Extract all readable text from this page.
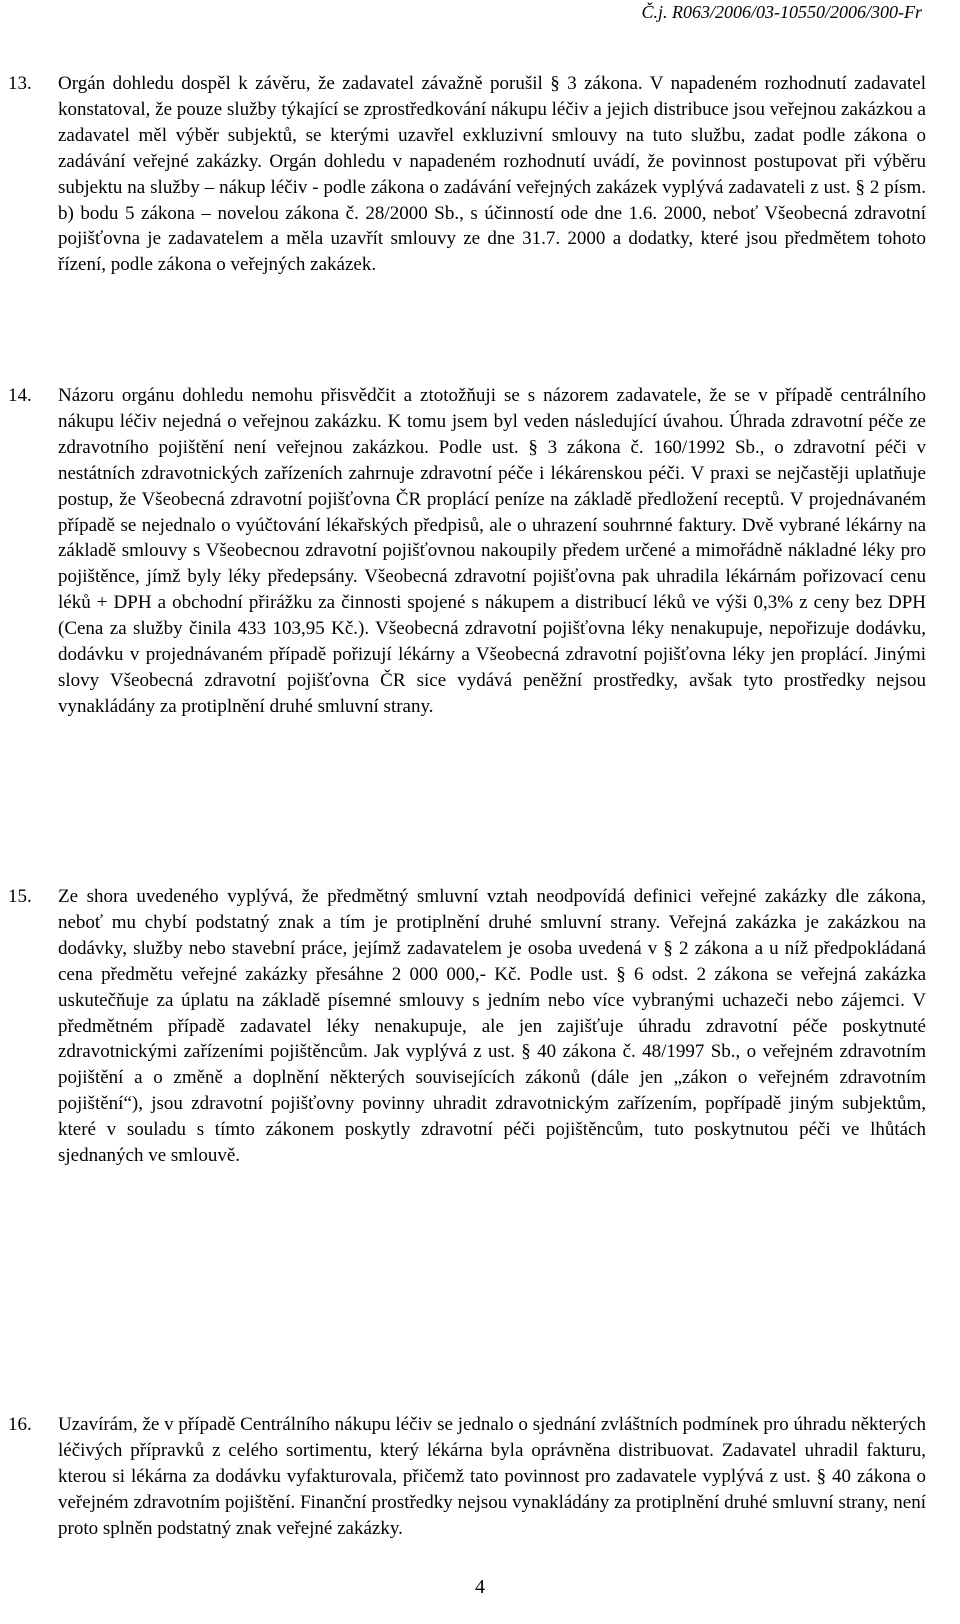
Č.j. R063/2006/03-10550/2006/300-Fr
13. Orgán dohledu dospěl k závěru, že zadavatel závažně porušil § 3 zákona. V napadeném rozhodnutí zadavatel konstatoval, že pouze služby týkající se zprostředkování nákupu léčiv a jejich distribuce jsou veřejnou zakázkou a zadavatel měl výběr subjektů, se kterými uzavřel exkluzivní smlouvy na tuto službu, zadat podle zákona o zadávání veřejné zakázky. Orgán dohledu v napadeném rozhodnutí uvádí, že povinnost postupovat při výběru subjektu na služby – nákup léčiv - podle zákona o zadávání veřejných zakázek vyplývá zadavateli z ust. § 2 písm. b) bodu 5 zákona – novelou zákona č. 28/2000 Sb., s účinností ode dne 1.6. 2000, neboť Všeobecná zdravotní pojišťovna je zadavatelem a měla uzavřít smlouvy ze dne 31.7. 2000 a dodatky, které jsou předmětem tohoto řízení, podle zákona o veřejných zakázek.
14. Názoru orgánu dohledu nemohu přisvědčit a ztotožňuji se s názorem zadavatele, že se v případě centrálního nákupu léčiv nejedná o veřejnou zakázku. K tomu jsem byl veden následující úvahou. Úhrada zdravotní péče ze zdravotního pojištění není veřejnou zakázkou. Podle ust. § 3 zákona č. 160/1992 Sb., o zdravotní péči v nestátních zdravotnických zařízeních zahrnuje zdravotní péče i lékárenskou péči. V praxi se nejčastěji uplatňuje postup, že Všeobecná zdravotní pojišťovna ČR proplácí peníze na základě předložení receptů. V projednávaném případě se nejednalo o vyúčtování lékařských předpisů, ale o uhrazení souhrnné faktury. Dvě vybrané lékárny na základě smlouvy s Všeobecnou zdravotní pojišťovnou nakoupily předem určené a mimořádně nákladné léky pro pojištěnce, jímž byly léky předepsány. Všeobecná zdravotní pojišťovna pak uhradila lékárnám pořizovací cenu léků + DPH a obchodní přirážku za činnosti spojené s nákupem a distribucí léků ve výši 0,3% z ceny bez DPH (Cena za služby činila 433 103,95 Kč.). Všeobecná zdravotní pojišťovna léky nenakupuje, nepořizuje dodávku, dodávku v projednávaném případě pořizují lékárny a Všeobecná zdravotní pojišťovna léky jen proplácí. Jinými slovy Všeobecná zdravotní pojišťovna ČR sice vydává peněžní prostředky, avšak tyto prostředky nejsou vynakládány za protiplnění druhé smluvní strany.
15. Ze shora uvedeného vyplývá, že předmětný smluvní vztah neodpovídá definici veřejné zakázky dle zákona, neboť mu chybí podstatný znak a tím je protiplnění druhé smluvní strany. Veřejná zakázka je zakázkou na dodávky, služby nebo stavební práce, jejímž zadavatelem je osoba uvedená v § 2 zákona a u níž předpokládaná cena předmětu veřejné zakázky přesáhne 2 000 000,- Kč. Podle ust. § 6 odst. 2 zákona se veřejná zakázka uskutečňuje za úplatu na základě písemné smlouvy s jedním nebo více vybranými uchazeči nebo zájemci. V předmětném případě zadavatel léky nenakupuje, ale jen zajišťuje úhradu zdravotní péče poskytnuté zdravotnickými zařízeními pojištěncům. Jak vyplývá z ust. § 40 zákona č. 48/1997 Sb., o veřejném zdravotním pojištění a o změně a doplnění některých souvisejících zákonů (dále jen „zákon o veřejném zdravotním pojištění“), jsou zdravotní pojišťovny povinny uhradit zdravotnickým zařízením, popřípadě jiným subjektům, které v souladu s tímto zákonem poskytly zdravotní péči pojištěncům, tuto poskytnutou péči ve lhůtách sjednaných ve smlouvě.
16. Uzavírám, že v případě Centrálního nákupu léčiv se jednalo o sjednání zvláštních podmínek pro úhradu některých léčivých přípravků z celého sortimentu, který lékárna byla oprávněna distribuovat. Zadavatel uhradil fakturu, kterou si lékárna za dodávku vyfakturovala, přičemž tato povinnost pro zadavatele vyplývá z ust. § 40 zákona o veřejném zdravotním pojištění. Finanční prostředky nejsou vynakládány za protiplnění druhé smluvní strany, není proto splněn podstatný znak veřejné zakázky.
4
